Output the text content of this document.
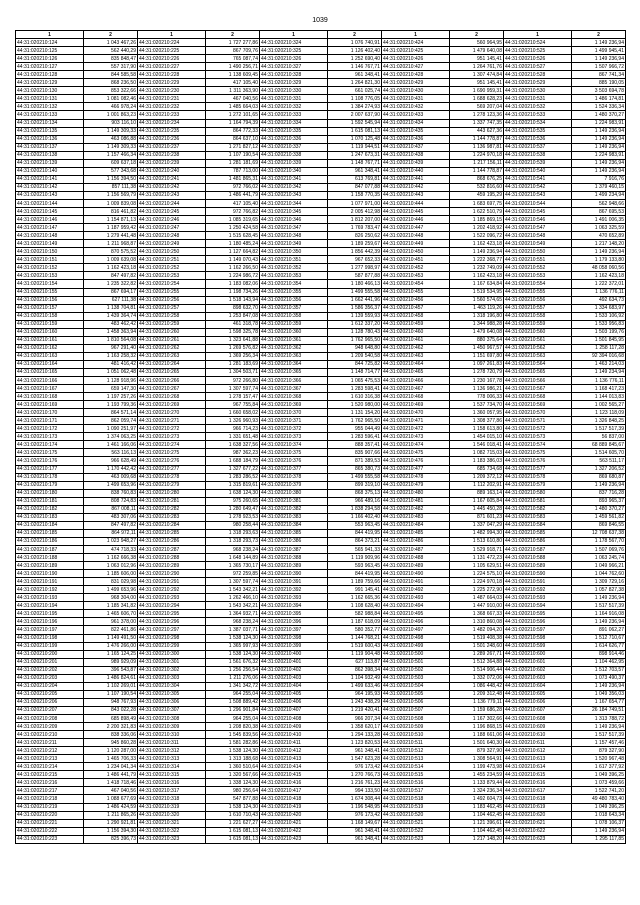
1039
1	2	1	2	1	2	1	2	1	2
44:31:020210:124	1 043 467,26	44:31:020210:224	1 727 277,86	44:31:020210:324	1 076 740,91	44:31:020210:424	560 964,95	44:31:020210:524	1 149 236,94
44:31:020210:125	562 440,29	44:31:020210:225	867 709,76	44:31:020210:325	1 126 402,40	44:31:020210:425	1 479 640,08	44:31:020210:525	1 499 945,41
44:31:020210:126	835 848,47	44:31:020210:226	765 087,74	44:31:020210:326	1 252 690,40	44:31:020210:426	951 145,41	44:31:020210:526	1 149 236,94
44:31:020210:127	557 317,90	44:31:020210:227	1 490 256,71	44:31:020210:327	1 146 767,71	44:31:020210:427	1 264 761,76	44:31:020210:527	1 507 966,72
44:31:020210:128	844 585,58	44:31:020210:228	1 138 609,45	44:31:020210:328	961 348,41	44:31:020210:428	1 307 474,84	44:31:020210:528	867 741,34
44:31:020210:129	868 236,50	44:31:020210:229	417 105,40	44:31:020210:329	1 264 821,30	44:31:020210:429	951 145,41	44:31:020210:529	885 190,05
44:31:020210:130	853 322,66	44:31:020210:230	1 311 363,90	44:31:020210:330	661 025,74	44:31:020210:430	1 690 959,31	44:31:020210:530	3 503 694,78
44:31:020210:131	1 081 082,46	44:31:020210:231	467 040,56	44:31:020210:331	1 108 776,05	44:31:020210:431	1 688 628,23	44:31:020210:531	1 486 174,81
44:31:020210:132	466 978,24	44:31:020210:232	1 485 664,03	44:31:020210:332	1 384 274,93	44:31:020210:432	569 207,04	44:31:020210:532	1 524 336,34
44:31:020210:133	1 001 863,23	44:31:020210:233	1 272 101,65	44:31:020210:333	2 007 637,90	44:31:020210:433	1 278 123,36	44:31:020210:533	1 480 370,27
44:31:020210:134	903 116,10	44:31:020210:234	1 164 794,39	44:31:020210:334	1 592 545,94	44:31:020210:434	1 337 747,35	44:31:020210:534	1 224 983,91
44:31:020210:135	1 149 309,33	44:31:020210:235	864 772,33	44:31:020210:335	1 615 081,13	44:31:020210:435	443 627,36	44:31:020210:535	1 149 236,94
44:31:020210:136	463 086,88	44:31:020210:236	864 637,10	44:31:020210:336	1 070 125,48	44:31:020210:436	1 144 778,87	44:31:020210:536	1 149 236,94
44:31:020210:137	1 149 309,33	44:31:020210:237	1 271 827,12	44:31:020210:337	1 119 944,51	44:31:020210:437	1 136 987,81	44:31:020210:537	1 149 236,94
44:31:020210:138	1 157 466,34	44:31:020210:238	1 107 190,54	44:31:020210:338	1 247 673,31	44:31:020210:438	1 224 970,18	44:31:020210:538	1 224 983,91
44:31:020210:139	609 637,18	44:31:020210:239	1 281 181,69	44:31:020210:339	1 148 767,71	44:31:020210:439	1 217 156,11	44:31:020210:539	1 149 236,94
44:31:020210:140	577 343,68	44:31:020210:240	787 713,00	44:31:020210:340	961 348,41	44:31:020210:440	1 144 778,87	44:31:020210:540	1 149 236,94
44:31:020210:141	1 156 394,50	44:31:020210:241	1 481 865,31	44:31:020210:341	613 769,81	44:31:020210:441	868 676,25	44:31:020210:541	7 916,76
44:31:020210:142	857 111,38	44:31:020210:242	972 766,02	44:31:020210:342	847 077,88	44:31:020210:442	532 816,60	44:31:020210:542	1 379 460,15
44:31:020210:143	1 156 569,79	44:31:020210:243	1 486 441,79	44:31:020210:343	1 158 770,35	44:31:020210:443	459 195,29	44:31:020210:543	1 499 234,94
44:31:020210:144	1 009 839,08	44:31:020210:244	417 105,40	44:31:020210:344	1 077 971,00	44:31:020210:444	1 683 697,75	44:31:020210:544	562 948,66
44:31:020210:145	816 461,82	44:31:020210:245	972 766,82	44:31:020210:345	2 005 412,98	44:31:020210:445	1 622 510,79	44:31:020210:545	867 695,53
44:31:020210:146	1 154 871,13	44:31:020210:246	1 085 319,65	44:31:020210:346	1 812 207,00	44:31:020210:446	1 185 869,15	44:31:020210:546	1 491 006,35
44:31:020210:147	1 187 959,42	44:31:020210:247	1 250 424,58	44:31:020210:347	1 769 783,47	44:31:020210:447	1 202 418,92	44:31:020210:547	1 063 325,59
44:31:020210:148	1 279 441,48	44:31:020210:248	1 515 628,45	44:31:020210:348	826 250,62	44:31:020210:448	1 522 096,72	44:31:020210:548	470 652,89
44:31:020210:149	1 211 968,87	44:31:020210:249	1 180 485,24	44:31:020210:349	1 189 259,67	44:31:020210:449	1 162 423,18	44:31:020210:549	1 217 148,20
44:31:020210:150	870 575,52	44:31:020210:250	1 127 664,82	44:31:020210:350	1 856 442,39	44:31:020210:450	1 149 236,94	44:31:020210:550	1 149 236,94
44:31:020210:151	1 009 639,08	44:31:020210:251	1 149 070,43	44:31:020210:351	967 652,33	44:31:020210:451	1 222 368,77	44:31:020210:551	1 179 133,80
44:31:020210:152	1 162 423,18	44:31:020210:252	1 162 266,50	44:31:020210:352	1 277 998,97	44:31:020210:452	1 232 749,09	44:31:020210:552	48 058 060,56
44:31:020210:153	847 497,82	44:31:020210:253	1 224 986,72	44:31:020210:353	587 877,88	44:31:020210:453	1 162 423,18	44:31:020210:553	1 162 423,18
44:31:020210:154	1 235 322,82	44:31:020210:254	1 183 082,06	44:31:020210:354	1 180 466,13	44:31:020210:454	1 167 634,84	44:31:020210:554	1 222 372,01
44:31:020210:155	867 694,17	44:31:020210:255	1 198 734,26	44:31:020210:355	1 499 555,58	44:31:020210:455	1 519 534,95	44:31:020210:555	1 136 776,11
44:31:020210:156	627 111,38	44:31:020210:256	1 518 143,94	44:31:020210:356	1 662 441,96	44:31:020210:456	1 560 574,65	44:31:020210:556	492 634,73
44:31:020210:157	1 138 704,81	44:31:020210:257	898 632,70	44:31:020210:357	1 586 356,37	44:31:020210:457	1 463 119,26	44:31:020210:557	1 334 683,97
44:31:020210:158	1 439 364,74	44:31:020210:258	1 253 847,08	44:31:020210:358	1 139 559,93	44:31:020210:458	1 318 196,80	44:31:020210:558	1 533 106,92
44:31:020210:159	483 462,42	44:31:020210:259	461 318,78	44:31:020210:359	1 612 337,20	44:31:020210:459	1 344 988,28	44:31:020210:559	1 533 956,83
44:31:020210:160	1 458 363,94	44:31:020210:260	1 598 325,78	44:31:020210:360	1 128 780,43	44:31:020210:460	1 479 640,08	44:31:020210:560	1 503 199,76
44:31:020210:161	1 810 564,08	44:31:020210:261	1 323 641,88	44:31:020210:361	1 762 965,50	44:31:020210:461	880 375,64	44:31:020210:561	1 501 845,95
44:31:020210:162	967 291,40	44:31:020210:262	1 269 576,82	44:31:020210:362	948 648,80	44:31:020210:462	1 450 967,57	44:31:020210:562	1 258 117,28
44:31:020210:163	1 163 258,32	44:31:020210:263	1 369 256,34	44:31:020210:363	1 209 540,58	44:31:020210:463	1 151 697,80	44:31:020210:563	92 394 016,68
44:31:020210:164	481 416,42	44:31:020210:264	1 281 183,69	44:31:020210:364	844 725,82	44:31:020210:464	1 097 261,83	44:31:020210:564	1 463 214,03
44:31:020210:165	1 051 062,48	44:31:020210:265	1 304 503,71	44:31:020210:365	1 148 714,77	44:31:020210:465	1 278 720,79	44:31:020210:565	1 149 234,94
44:31:020210:166	1 128 918,96	44:31:020210:266	972 266,80	44:31:020210:366	1 065 475,53	44:31:020210:466	1 230 167,78	44:31:020210:566	1 136 776,11
44:31:020210:167	659 147,30	44:31:020210:267	1 307 597,74	44:31:020210:367	1 283 598,41	44:31:020210:467	1 136 986,21	44:31:020210:567	1 168 417,23
44:31:020210:168	1 197 257,26	44:31:020210:268	1 278 157,47	44:31:020210:368	1 610 316,38	44:31:020210:468	778 006,33	44:31:020210:568	1 144 013,83
44:31:020210:169	1 193 799,36	44:31:020210:269	967 755,84	44:31:020210:369	1 520 980,00	44:31:020210:469	1 537 734,70	44:31:020210:569	1 002 565,27
44:31:020210:170	864 571,14	44:31:020210:270	1 660 658,02	44:31:020210:370	1 131 154,20	44:31:020210:470	1 360 057,95	44:31:020210:570	1 123 118,09
44:31:020210:171	862 059,74	44:31:020210:271	1 326 960,93	44:31:020210:371	1 762 965,50	44:31:020210:471	1 308 377,86	44:31:020210:571	1 326 848,25
44:31:020210:172	1 090 251,97	44:31:020210:272	966 714,23	44:31:020210:372	955 044,49	44:31:020210:472	1 158 613,80	44:31:020210:572	1 517 517,39
44:31:020210:173	1 374 063,25	44:31:020210:273	1 331 651,48	44:31:020210:373	1 283 596,41	44:31:020210:473	1 454 015,10	44:31:020210:573	56 837,00
44:31:020210:174	1 461 166,06	44:31:020210:274	1 638 327,56	44:31:020210:374	888 357,41	44:31:020210:474	1 546 018,41	44:31:020210:574	68 889 845,67
44:31:020210:175	563 116,13	44:31:020210:275	987 362,23	44:31:020210:375	835 907,66	44:31:020210:475	1 082 715,03	44:31:020210:575	1 514 605,70
44:31:020210:176	966 628,49	44:31:020210:276	1 688 184,79	44:31:020210:376	871 389,53	44:31:020210:476	1 183 386,03	44:31:020210:576	563 511,17
44:31:020210:177	1 170 442,42	44:31:020210:277	1 327 677,22	44:31:020210:377	865 380,73	44:31:020210:477	685 734,68	44:31:020210:577	1 327 206,52
44:31:020210:178	463 009,68	44:31:020210:278	1 283 286,52	44:31:020210:378	1 499 555,58	44:31:020210:478	1 209 372,12	44:31:020210:578	869 680,87
44:31:020210:179	1 499 653,96	44:31:020210:279	1 315 819,61	44:31:020210:379	899 319,10	44:31:020210:479	1 112 202,91	44:31:020210:579	1 149 236,94
44:31:020210:180	838 760,83	44:31:020210:280	1 638 124,30	44:31:020210:380	868 375,13	44:31:020210:480	889 163,14	44:31:020210:580	837 716,28
44:31:020210:181	808 724,83	44:31:020210:281	975 260,65	44:31:020210:381	966 489,16	44:31:020210:481	1 167 605,84	44:31:020210:581	893 965,37
44:31:020210:182	867 008,11	44:31:020210:282	1 280 649,47	44:31:020210:382	1 838 294,58	44:31:020210:482	1 445 450,28	44:31:020210:582	1 480 370,27
44:31:020210:183	483 307,06	44:31:020210:283	1 278 923,53	44:31:020210:383	1 166 402,40	44:31:020210:483	871 601,23	44:31:020210:583	1 459 561,82
44:31:020210:184	847 497,82	44:31:020210:284	980 258,44	44:31:020210:384	553 963,45	44:31:020210:484	1 337 047,29	44:31:020210:584	869 846,55
44:31:020210:185	864 972,11	44:31:020210:285	1 318 293,63	44:31:020210:385	844 419,95	44:31:020210:485	1 482 994,30	44:31:020210:585	12 708 637,38
44:31:020210:186	1 023 948,27	44:31:020210:286	1 318 293,73	44:31:020210:386	864 373,21	44:31:020210:486	1 513 610,80	44:31:020210:586	1 178 567,70
44:31:020210:187	474 718,33	44:31:020210:287	968 238,24	44:31:020210:387	565 941,33	44:31:020210:487	1 529 918,71	44:31:020210:587	1 507 069,76
44:31:020210:188	1 162 666,38	44:31:020210:288	1 648 144,89	44:31:020210:388	1 119 909,96	44:31:020210:488	1 131 472,23	44:31:020210:588	1 063 245,74
44:31:020210:189	1 063 012,96	44:31:020210:289	1 365 730,17	44:31:020210:389	593 963,45	44:31:020210:489	1 105 629,51	44:31:020210:589	1 049 966,21
44:31:020210:190	1 185 606,00	44:31:020210:290	972 259,85	44:31:020210:390	844 419,95	44:31:020210:490	1 224 575,10	44:31:020210:590	1 044 762,60
44:31:020210:191	831 029,98	44:31:020210:291	1 307 597,74	44:31:020210:391	1 189 759,66	44:31:020210:491	1 224 970,18	44:31:020210:591	1 309 729,16
44:31:020210:192	1 499 653,96	44:31:020210:292	1 543 342,21	44:31:020210:392	991 145,41	44:31:020210:492	1 225 272,90	44:31:020210:592	1 057 827,38
44:31:020210:193	968 304,00	44:31:020210:293	1 262 466,10	44:31:020210:393	1 162 665,36	44:31:020210:493	1 487 664,03	44:31:020210:593	1 149 236,94
44:31:020210:194	1 185 341,82	44:31:020210:294	1 543 342,21	44:31:020210:394	1 108 628,40	44:31:020210:494	1 447 910,00	44:31:020210:594	1 517 517,39
44:31:020210:195	1 465 606,70	44:31:020210:295	1 364 932,71	44:31:020210:395	582 988,84	44:31:020210:495	1 368 667,33	44:31:020210:595	1 164 916,08
44:31:020210:196	961 378,00	44:31:020210:296	968 238,24	44:31:020210:396	1 187 618,09	44:31:020210:496	1 310 860,08	44:31:020210:596	1 149 236,94
44:31:020210:197	822 461,86	44:31:020210:297	1 387 037,71	44:31:020210:397	580 352,77	44:31:020210:497	1 482 094,20	44:31:020210:597	891 062,27
44:31:020210:198	1 149 491,50	44:31:020210:298	1 538 124,30	44:31:020210:398	1 144 768,21	44:31:020210:498	1 519 408,38	44:31:020210:598	1 512 710,67
44:31:020210:199	1 476 266,00	44:31:020210:299	1 365 997,93	44:31:020210:399	1 519 600,43	44:31:020210:499	1 501 248,60	44:31:020210:599	1 614 626,77
44:31:020210:200	1 165 124,25	44:31:020210:300	1 538 124,30	44:31:020210:400	1 119 904,48	44:31:020210:500	1 289 267,71	44:31:020210:600	898 914,46
44:31:020210:201	989 929,09	44:31:020210:301	1 561 676,32	44:31:020210:401	627 113,87	44:31:020210:501	1 512 364,88	44:31:020210:601	1 104 462,95
44:31:020210:202	396 543,87	44:31:020210:302	1 256 256,54	44:31:020210:402	862 398,34	44:31:020210:502	1 514 906,44	44:31:020210:602	1 512 703,57
44:31:020210:203	1 486 824,61	44:31:020210:303	1 211 276,06	44:31:020210:403	1 104 932,49	44:31:020210:503	1 332 072,06	44:31:020210:603	1 073 490,37
44:31:020210:204	1 102 269,01	44:31:020210:304	1 341 342,72	44:31:020210:404	1 499 633,46	44:31:020210:504	1 086 448,42	44:31:020210:604	1 149 236,94
44:31:020210:205	1 107 190,54	44:31:020210:305	964 255,04	44:31:020210:405	964 195,93	44:31:020210:505	1 209 312,48	44:31:020210:605	1 049 356,03
44:31:020210:206	948 767,93	44:31:020210:306	1 508 889,42	44:31:020210:406	1 243 438,29	44:31:020210:506	1 136 779,11	44:31:020210:606	1 167 654,77
44:31:020210:207	843 022,28	44:31:020210:307	1 296 901,84	44:31:020210:407	1 219 420,41	44:31:020210:507	1 159 686,28	44:31:020210:607	26 184 749,51
44:31:020210:208	685 898,49	44:31:020210:308	964 255,04	44:31:020210:408	966 207,34	44:31:020210:508	1 167 302,66	44:31:020210:608	1 313 788,72
44:31:020210:209	2 200 321,83	44:31:020210:309	1 208 820,38	44:31:020210:409	1 358 620,17	44:31:020210:509	1 196 868,15	44:31:020210:609	1 149 236,94
44:31:020210:210	838 336,06	44:31:020210:310	1 545 839,56	44:31:020210:410	1 294 133,28	44:31:020210:510	1 188 661,06	44:31:020210:610	1 517 517,39
44:31:020210:211	945 860,28	44:31:020210:311	1 581 282,86	44:31:020210:411	1 123 820,53	44:31:020210:511	1 501 640,30	44:31:020210:611	1 157 457,46
44:31:020210:212	1 120 287,00	44:31:020210:312	1 538 124,30	44:31:020210:412	961 348,41	44:31:020210:512	879 327,90	44:31:020210:612	879 327,90
44:31:020210:213	1 465 706,33	44:31:020210:313	1 313 188,68	44:31:020210:413	1 547 623,28	44:31:020210:513	1 308 564,91	44:31:020210:613	1 520 967,48
44:31:020210:214	1 234 041,34	44:31:020210:314	1 360 510,64	44:31:020210:414	976 173,42	44:31:020210:514	1 199 473,98	44:31:020210:614	1 617 377,92
44:31:020210:215	1 486 441,79	44:31:020210:315	1 320 567,66	44:31:020210:415	1 270 766,73	44:31:020210:515	1 455 234,59	44:31:020210:615	1 049 396,25
44:31:020210:216	1 418 718,46	44:31:020210:316	1 338 124,30	44:31:020210:416	1 216 761,23	44:31:020210:516	1 133 879,44	44:31:020210:616	1 073 459,66
44:31:020210:217	467 040,56	44:31:020210:317	980 256,64	44:31:020210:417	994 133,50	44:31:020210:517	1 324 236,34	44:31:020210:617	1 522 741,20
44:31:020210:218	1 088 677,69	44:31:020210:318	547 877,88	44:31:020210:418	1 674 308,44	44:31:020210:518	1 492 604,73	44:31:020210:618	49 480 783,40
44:31:020210:219	1 486 424,59	44:31:020210:319	1 538 124,30	44:31:020210:419	1 196 548,95	44:31:020210:519	1 183 462,45	44:31:020210:619	1 049 396,25
44:31:020210:220	1 211 865,26	44:31:020210:320	1 610 710,43	44:31:020210:420	976 173,42	44:31:020210:520	1 104 462,45	44:31:020210:620	1 018 643,34
44:31:020210:221	1 290 921,81	44:31:020210:321	1 221 627,27	44:31:020210:421	1 168 149,67	44:31:020210:521	1 121 396,61	44:31:020210:621	1 078 106,37
44:31:020210:222	1 156 394,30	44:31:020210:322	1 615 081,13	44:31:020210:422	961 348,41	44:31:020210:522	1 104 462,45	44:31:020210:622	1 149 236,94
44:31:020210:223	825 396,73	44:31:020210:323	1 615 081,13	44:31:020210:423	961 348,41	44:31:020210:523	1 217 148,20	44:31:020210:623	1 295 117,85
